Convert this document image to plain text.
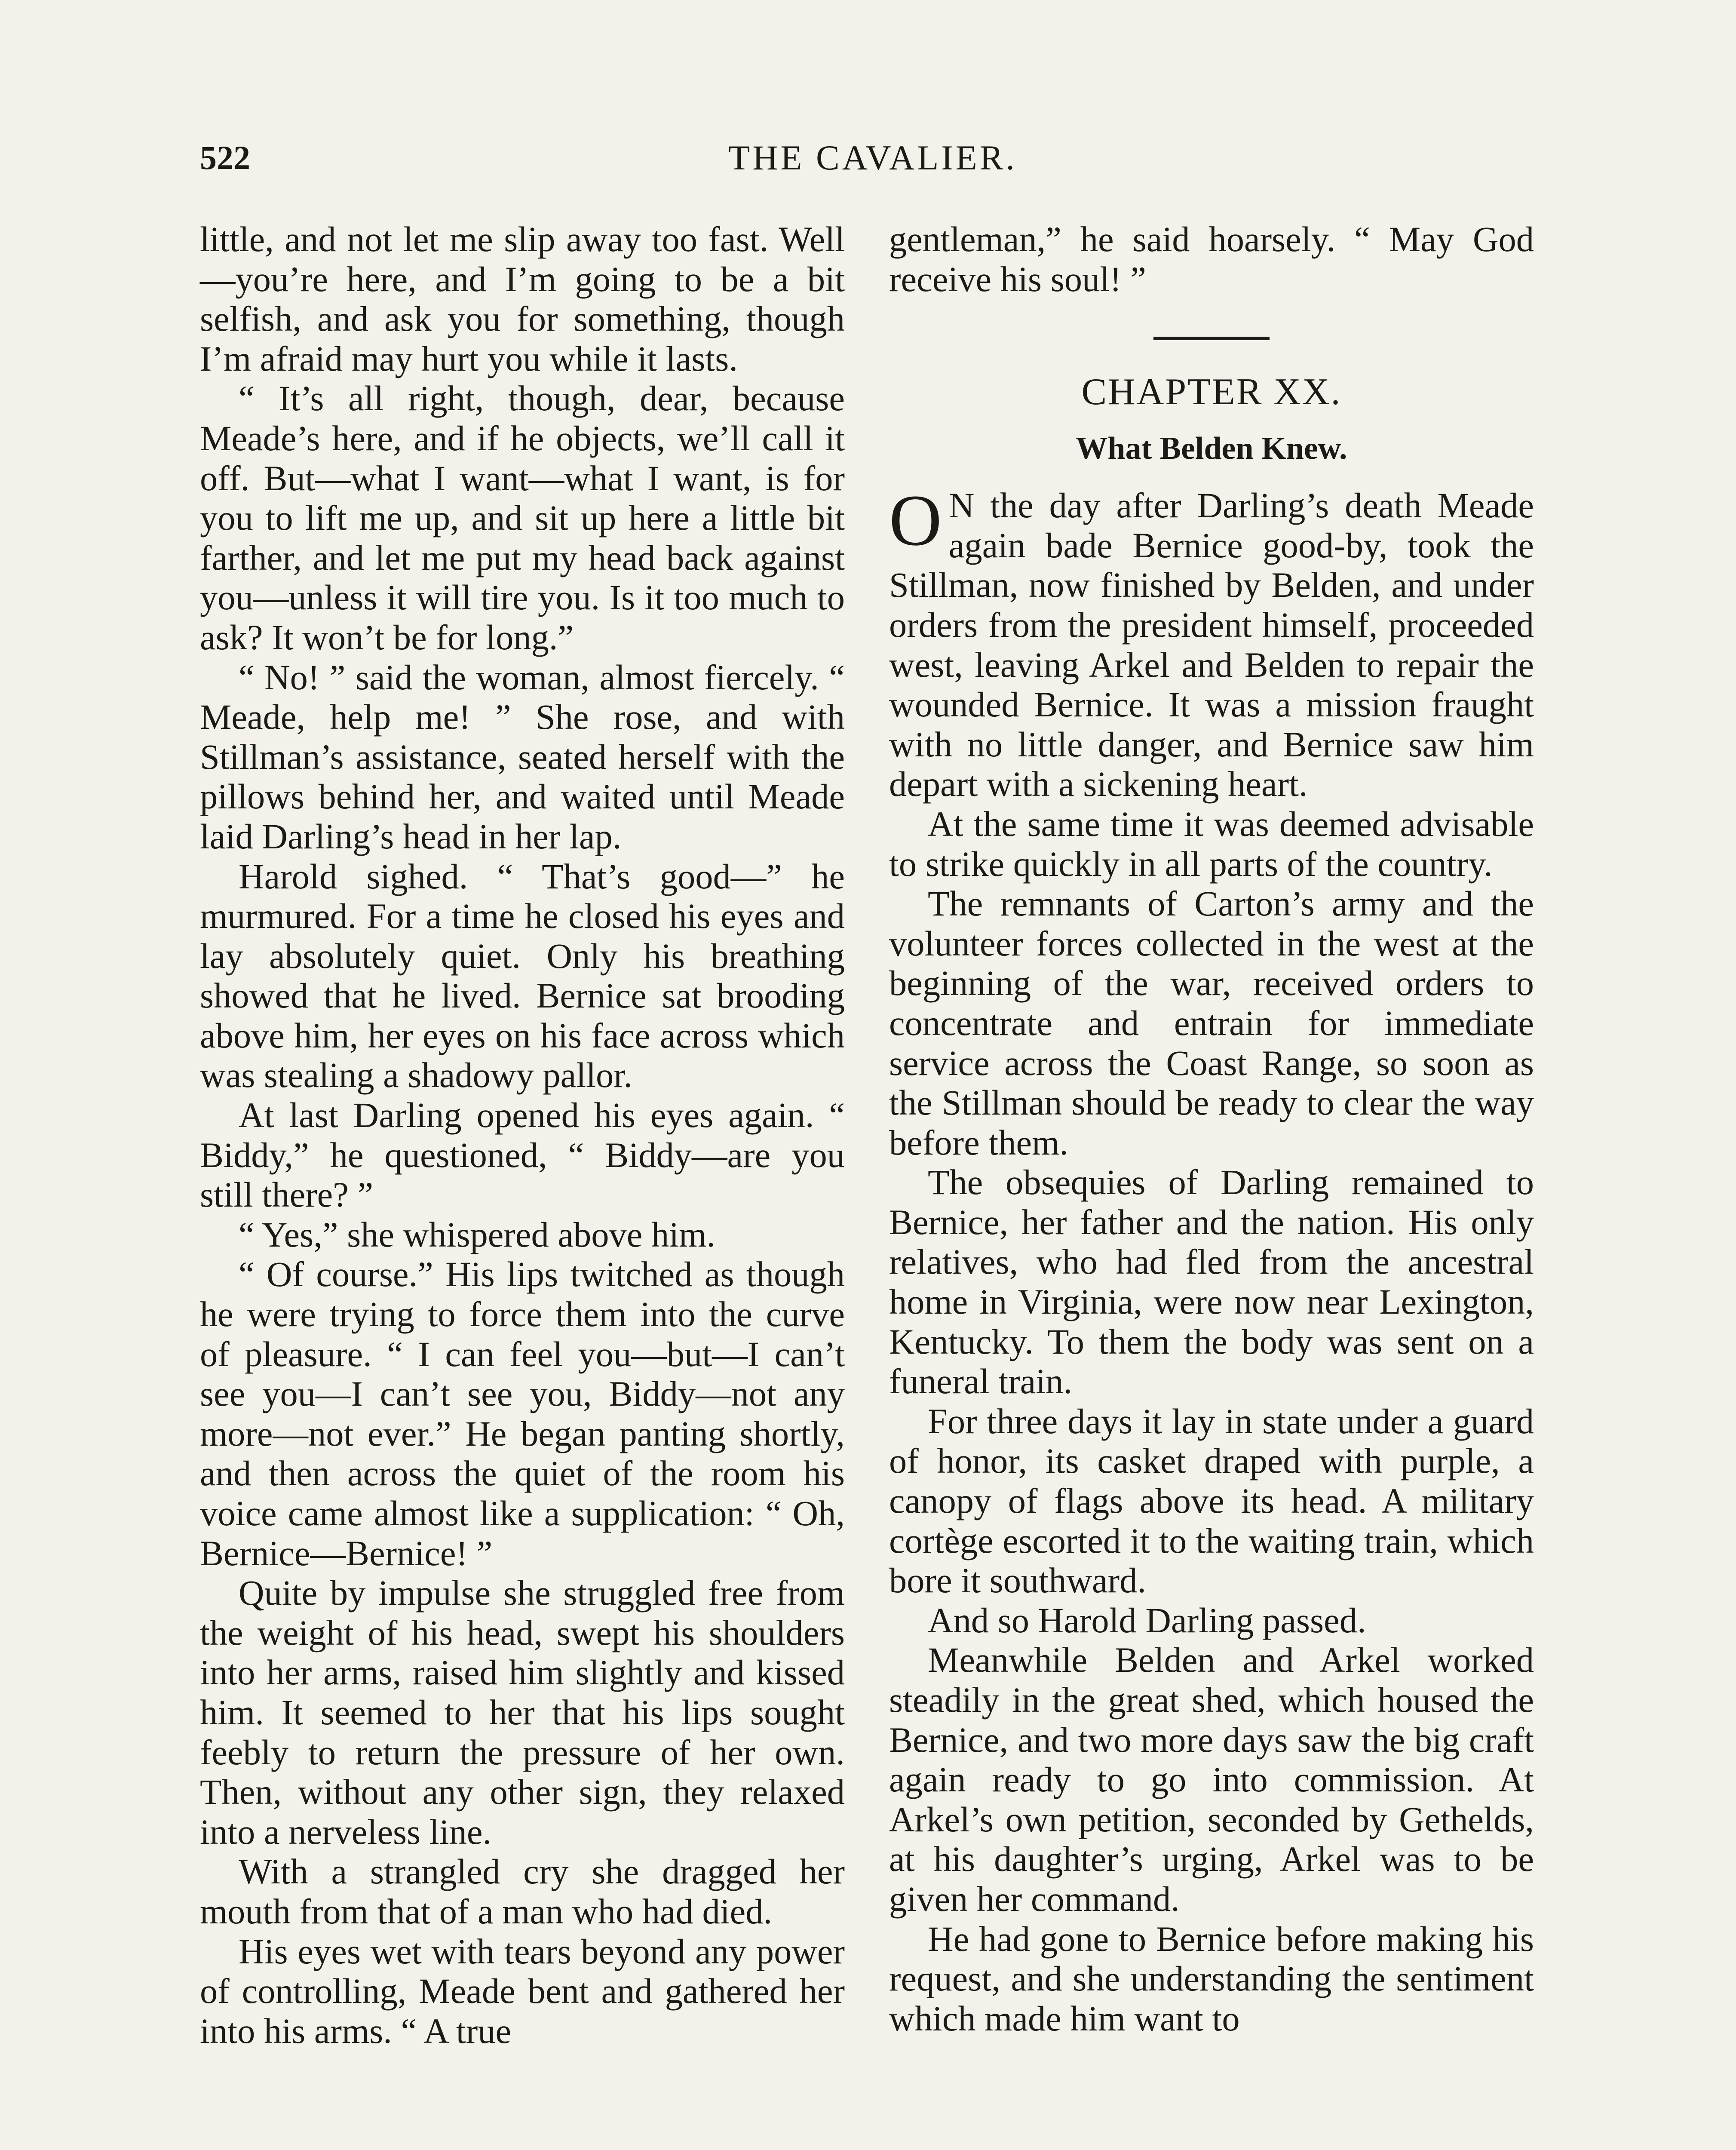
522	THE CAVALIER.

little, and not let me slip away too fast. Well—you’re here, and I’m going to be a bit selfish, and ask you for something, though I’m afraid may hurt you while it lasts.

“ It’s all right, though, dear, because Meade’s here, and if he objects, we’ll call it off. But—what I want—what I want, is for you to lift me up, and sit up here a little bit farther, and let me put my head back against you—unless it will tire you. Is it too much to ask? It won’t be for long.”

“ No! ” said the woman, almost fiercely. “ Meade, help me! ” She rose, and with Stillman’s assistance, seated herself with the pillows behind her, and waited until Meade laid Darling’s head in her lap.

Harold sighed. “ That’s good—” he murmured. For a time he closed his eyes and lay absolutely quiet. Only his breathing showed that he lived. Bernice sat brooding above him, her eyes on his face across which was stealing a shadowy pallor.

At last Darling opened his eyes again. “ Biddy,” he questioned, “ Biddy—are you still there? ”

“ Yes,” she whispered above him.

“ Of course.” His lips twitched as though he were trying to force them into the curve of pleasure. “ I can feel you—but—I can’t see you—I can’t see you, Biddy—not any more—not ever.” He began panting shortly, and then across the quiet of the room his voice came almost like a supplication: “ Oh, Bernice—Bernice! ”

Quite by impulse she struggled free from the weight of his head, swept his shoulders into her arms, raised him slightly and kissed him. It seemed to her that his lips sought feebly to return the pressure of her own. Then, without any other sign, they relaxed into a nerveless line.

With a strangled cry she dragged her mouth from that of a man who had died.

His eyes wet with tears beyond any power of controlling, Meade bent and gathered her into his arms. “ A true

gentleman,” he said hoarsely. “ May God receive his soul! ”

CHAPTER XX.
What Belden Knew.

O N the day after Darling’s death Meade again bade Bernice good-by, took the Stillman, now finished by Belden, and under orders from the president himself, proceeded west, leaving Arkel and Belden to repair the wounded Bernice. It was a mission fraught with no little danger, and Bernice saw him depart with a sickening heart.

At the same time it was deemed advisable to strike quickly in all parts of the country.

The remnants of Carton’s army and the volunteer forces collected in the west at the beginning of the war, received orders to concentrate and entrain for immediate service across the Coast Range, so soon as the Stillman should be ready to clear the way before them.

The obsequies of Darling remained to Bernice, her father and the nation. His only relatives, who had fled from the ancestral home in Virginia, were now near Lexington, Kentucky. To them the body was sent on a funeral train.

For three days it lay in state under a guard of honor, its casket draped with purple, a canopy of flags above its head. A military cortège escorted it to the waiting train, which bore it southward.

And so Harold Darling passed.

Meanwhile Belden and Arkel worked steadily in the great shed, which housed the Bernice, and two more days saw the big craft again ready to go into commission. At Arkel’s own petition, seconded by Gethelds, at his daughter’s urging, Arkel was to be given her command.

He had gone to Bernice before making his request, and she understanding the sentiment which made him want to
